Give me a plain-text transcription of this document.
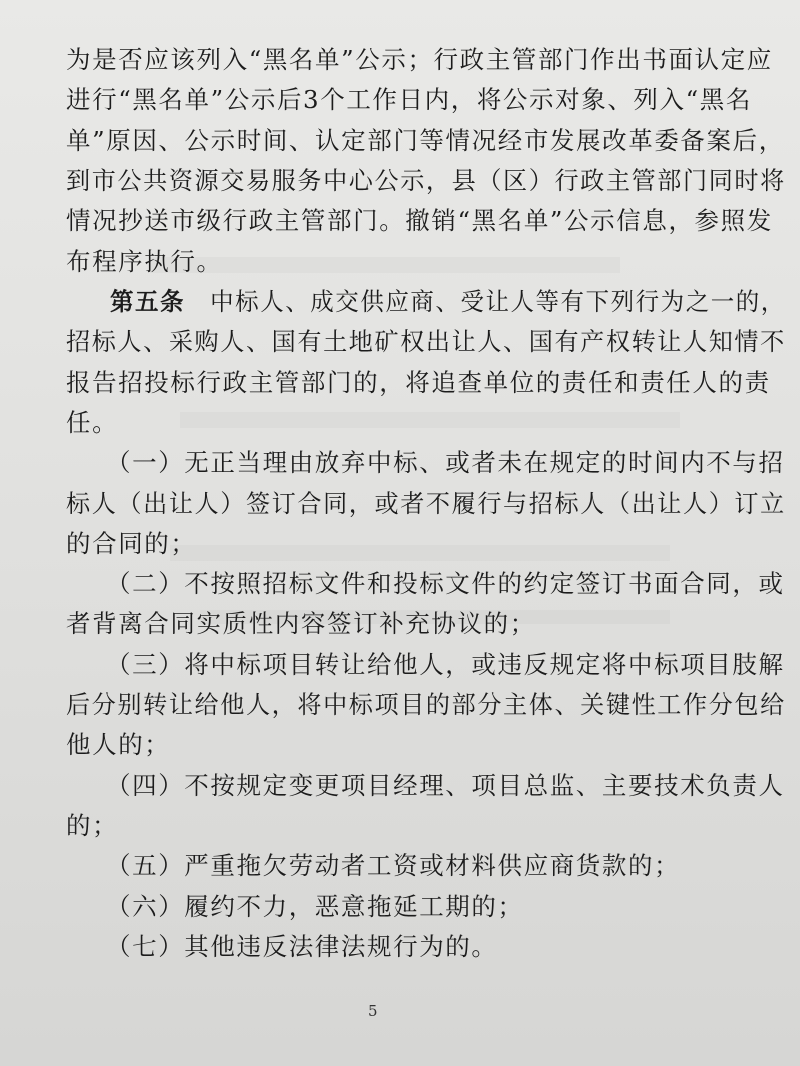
为是否应该列入“黑名单”公示；行政主管部门作出书面认定应
进行“黑名单”公示后3个工作日内，将公示对象、列入“黑名
单”原因、公示时间、认定部门等情况经市发展改革委备案后，
到市公共资源交易服务中心公示，县（区）行政主管部门同时将
情况抄送市级行政主管部门。撤销“黑名单”公示信息，参照发
布程序执行。
第五条　 中标人、成交供应商、受让人等有下列行为之一的，
招标人、采购人、国有土地矿权出让人、国有产权转让人知情不
报告招投标行政主管部门的，将追查单位的责任和责任人的责
任。
（一）无正当理由放弃中标、或者未在规定的时间内不与招
标人（出让人）签订合同，或者不履行与招标人（出让人）订立
的合同的；
（二）不按照招标文件和投标文件的约定签订书面合同，或
者背离合同实质性内容签订补充协议的；
（三）将中标项目转让给他人，或违反规定将中标项目肢解
后分别转让给他人，将中标项目的部分主体、关键性工作分包给
他人的；
（四）不按规定变更项目经理、项目总监、主要技术负责人
的；
（五）严重拖欠劳动者工资或材料供应商货款的；
（六）履约不力，恶意拖延工期的；
（七）其他违反法律法规行为的。
5
